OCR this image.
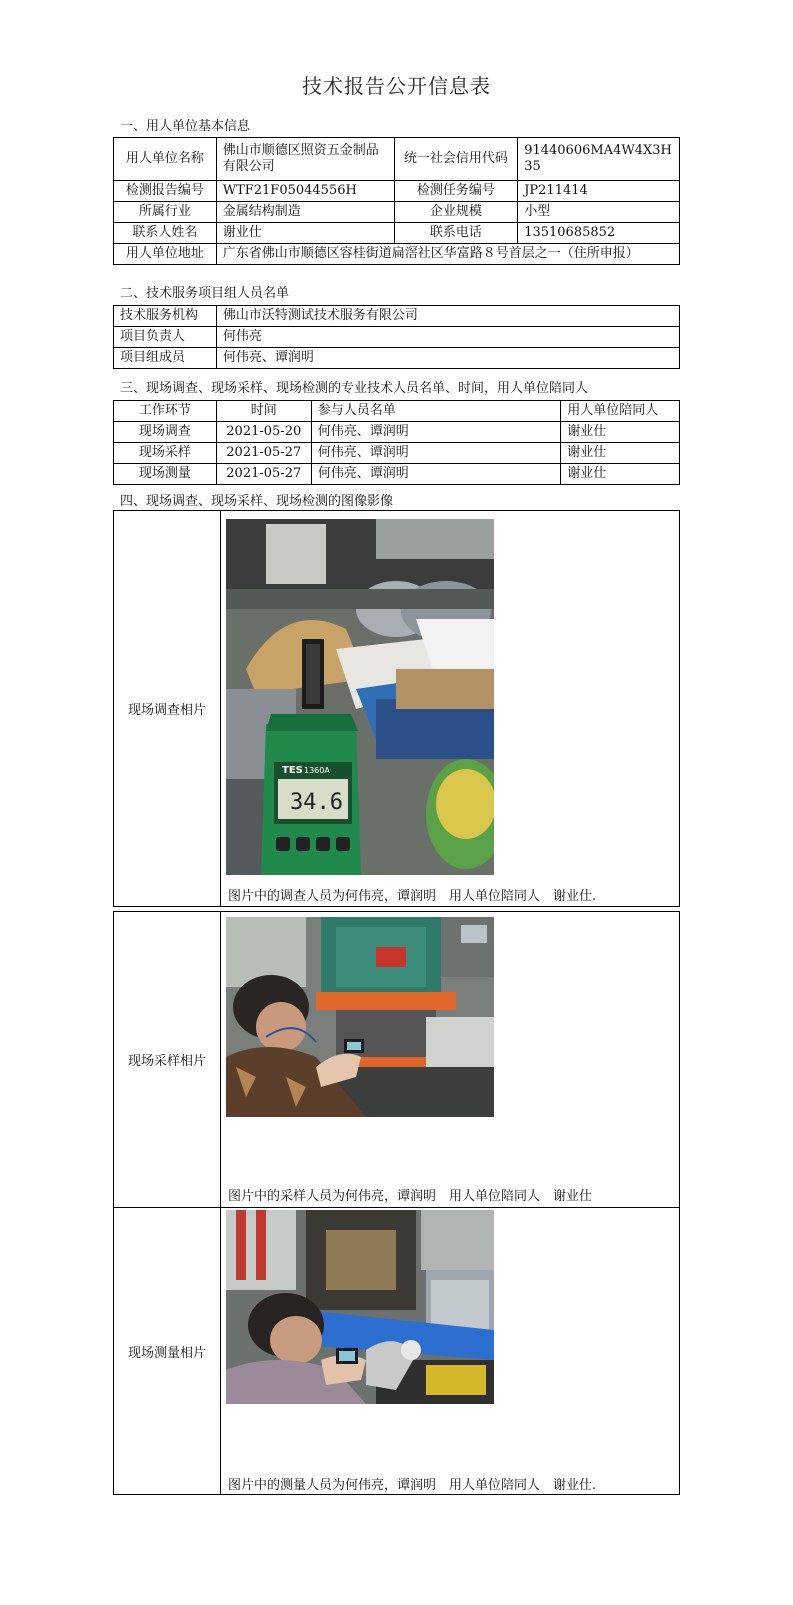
技术报告公开信息表
一、用人单位基本信息
用人单位名称	佛山市顺德区照资五金制品有限公司	统一社会信用代码	91440606MA4W4X3H35
检测报告编号	WTF21F05044556H	检测任务编号	JP211414
所属行业	金属结构制造	企业规模	小型
联系人姓名	谢业仕	联系电话	13510685852
用人单位地址	广东省佛山市顺德区容桂街道扁滘社区华富路８号首层之一（住所申报）		
二、技术服务项目组人员名单
技术服务机构	佛山市沃特测试技术服务有限公司
项目负责人	何伟亮
项目组成员	何伟亮、谭润明
三、现场调查、现场采样、现场检测的专业技术人员名单、时间，用人单位陪同人
工作环节	时间	参与人员名单	用人单位陪同人
现场调查	2021-05-20	何伟亮、谭润明	谢业仕
现场采样	2021-05-27	何伟亮、谭润明	谢业仕
现场测量	2021-05-27	何伟亮、谭润明	谢业仕
四、现场调查、现场采样、现场检测的图像影像
现场调查相片
TES 1360A
34.6
图片中的调查人员为何伟亮，谭润明　用人单位陪同人　谢业仕.
现场采样相片
图片中的采样人员为何伟亮，谭润明　用人单位陪同人　谢业仕
现场测量相片
图片中的测量人员为何伟亮，谭润明　用人单位陪同人　谢业仕.
